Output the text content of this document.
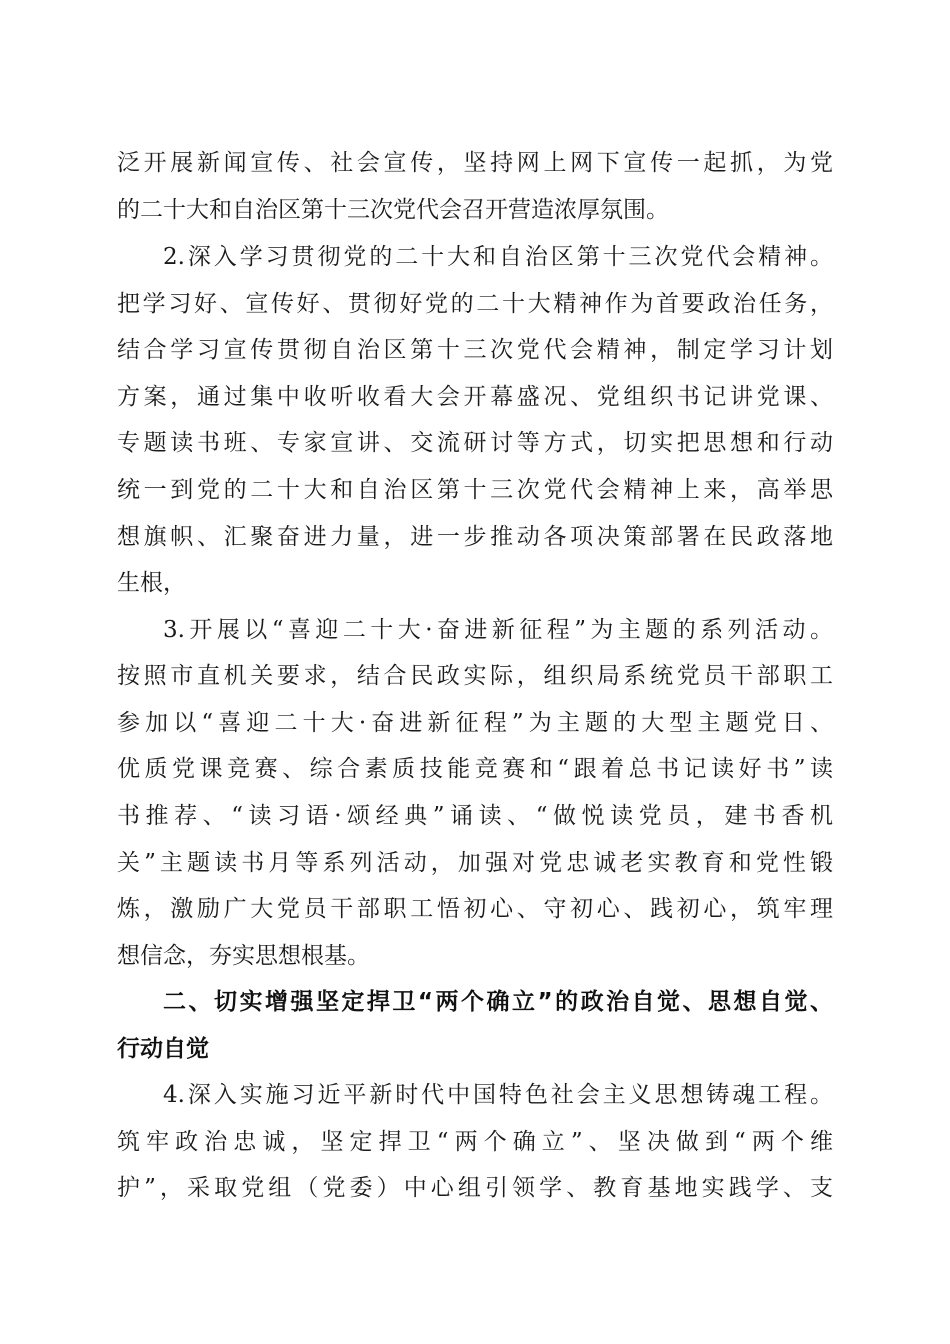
泛开展新闻宣传、社会宣传，坚持网上网下宣传一起抓，为党
的二十大和自治区第十三次党代会召开营造浓厚氛围。
2.深入学习贯彻党的二十大和自治区第十三次党代会精神。
把学习好、宣传好、贯彻好党的二十大精神作为首要政治任务，
结合学习宣传贯彻自治区第十三次党代会精神，制定学习计划
方案，通过集中收听收看大会开幕盛况、党组织书记讲党课、
专题读书班、专家宣讲、交流研讨等方式，切实把思想和行动
统一到党的二十大和自治区第十三次党代会精神上来，高举思
想旗帜、汇聚奋进力量，进一步推动各项决策部署在民政落地
生根，
3.开展以“喜迎二十大·奋进新征程”为主题的系列活动。
按照市直机关要求，结合民政实际，组织局系统党员干部职工
参加以“喜迎二十大·奋进新征程”为主题的大型主题党日、
优质党课竞赛、综合素质技能竞赛和“跟着总书记读好书”读
书推荐、“读习语·颂经典”诵读、“做悦读党员，建书香机
关”主题读书月等系列活动，加强对党忠诚老实教育和党性锻
炼，激励广大党员干部职工悟初心、守初心、践初心，筑牢理
想信念，夯实思想根基。
二、切实增强坚定捍卫“两个确立”的政治自觉、思想自觉、
行动自觉
4.深入实施习近平新时代中国特色社会主义思想铸魂工程。
筑牢政治忠诚，坚定捍卫“两个确立”、坚决做到“两个维
护”，采取党组（党委）中心组引领学、教育基地实践学、支
